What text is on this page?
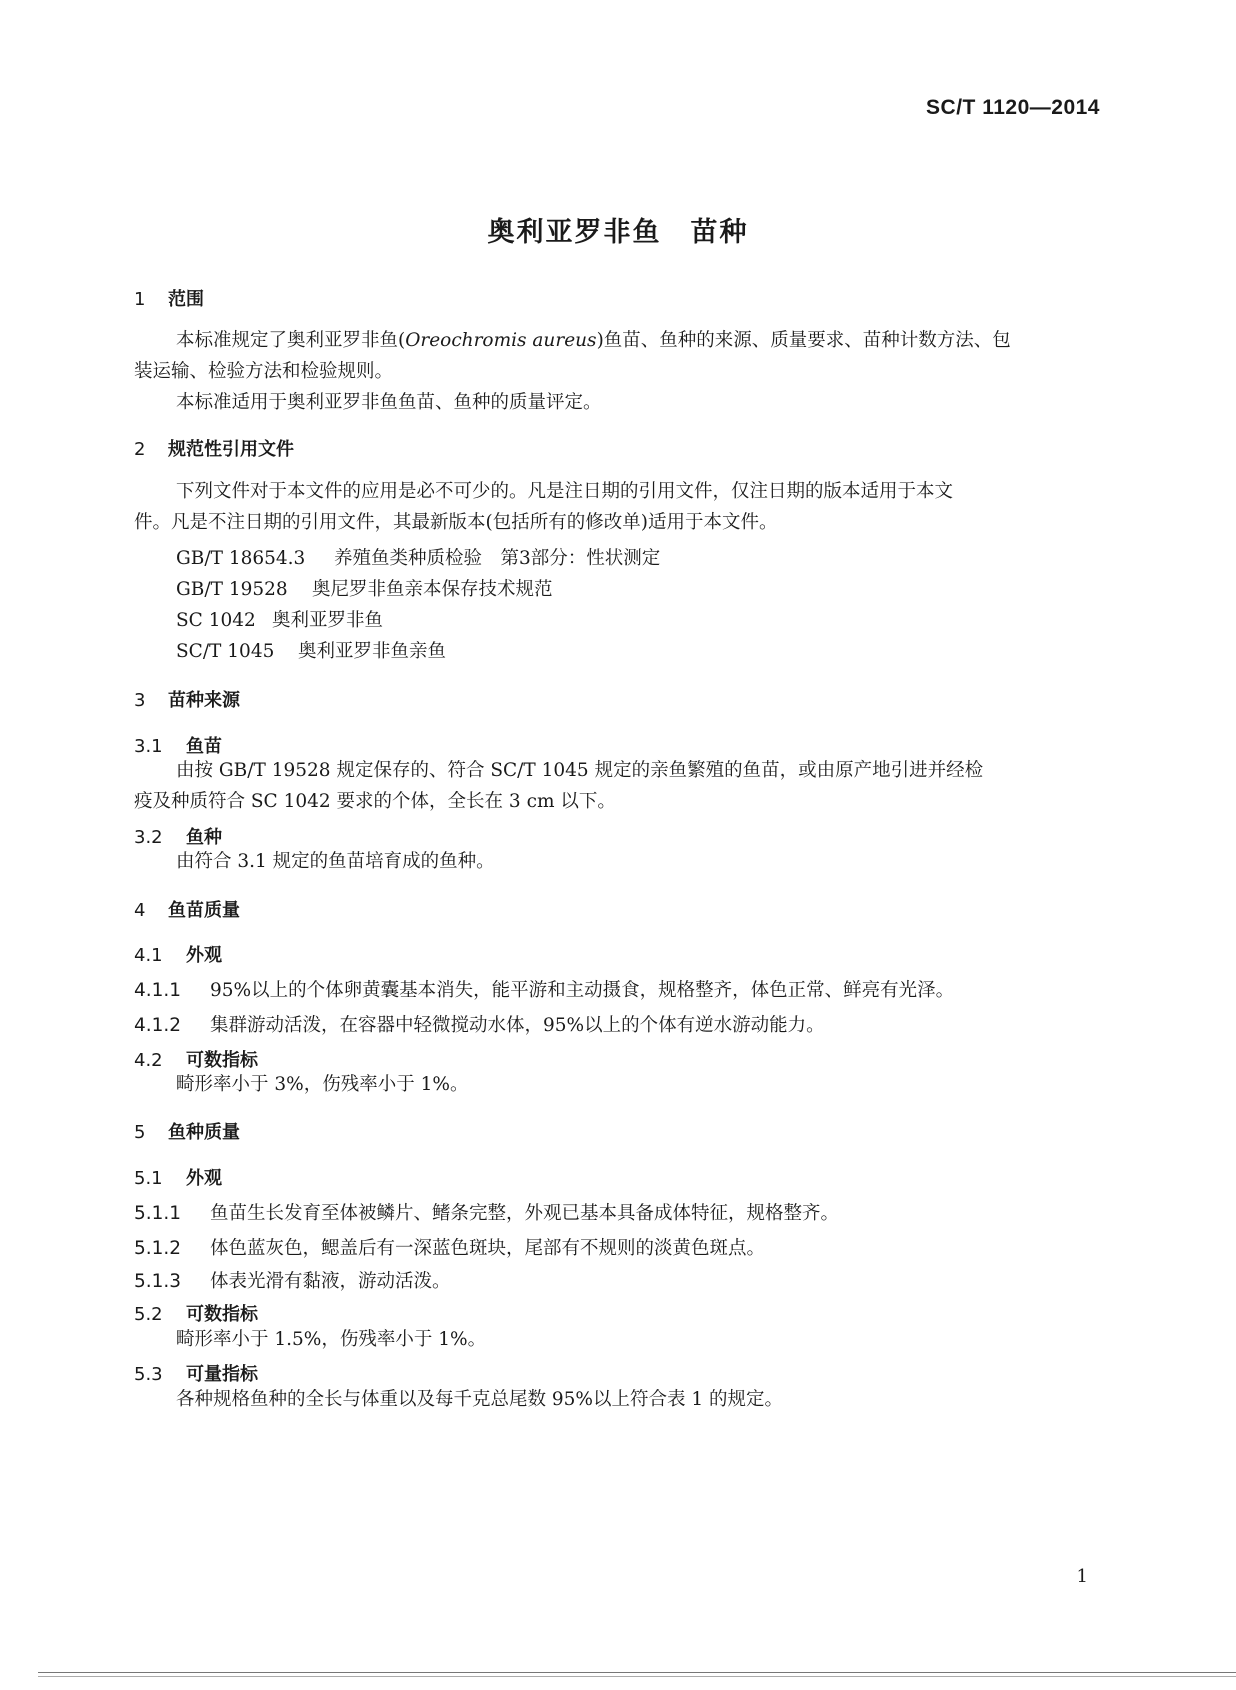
SC/T 1120—2014
奥利亚罗非鱼　苗种
1 范围
本标准规定了奥利亚罗非鱼(Oreochromis aureus)鱼苗、鱼种的来源、质量要求、苗种计数方法、包
装运输、检验方法和检验规则。
本标准适用于奥利亚罗非鱼鱼苗、鱼种的质量评定。
2 规范性引用文件
下列文件对于本文件的应用是必不可少的。凡是注日期的引用文件，仅注日期的版本适用于本文
件。凡是不注日期的引用文件，其最新版本(包括所有的修改单)适用于本文件。
GB/T 18654.3 养殖鱼类种质检验　第3部分：性状测定
GB/T 19528 奥尼罗非鱼亲本保存技术规范
SC 1042 奥利亚罗非鱼
SC/T 1045 奥利亚罗非鱼亲鱼
3 苗种来源
3.1 鱼苗
由按 GB/T 19528 规定保存的、符合 SC/T 1045 规定的亲鱼繁殖的鱼苗，或由原产地引进并经检
疫及种质符合 SC 1042 要求的个体，全长在 3 cm 以下。
3.2 鱼种
由符合 3.1 规定的鱼苗培育成的鱼种。
4 鱼苗质量
4.1 外观
4.1.1 95%以上的个体卵黄囊基本消失，能平游和主动摄食，规格整齐，体色正常、鲜亮有光泽。
4.1.2 集群游动活泼，在容器中轻微搅动水体，95%以上的个体有逆水游动能力。
4.2 可数指标
畸形率小于 3%，伤残率小于 1%。
5 鱼种质量
5.1 外观
5.1.1 鱼苗生长发育至体被鳞片、鳍条完整，外观已基本具备成体特征，规格整齐。
5.1.2 体色蓝灰色，鳃盖后有一深蓝色斑块，尾部有不规则的淡黄色斑点。
5.1.3 体表光滑有黏液，游动活泼。
5.2 可数指标
畸形率小于 1.5%，伤残率小于 1%。
5.3 可量指标
各种规格鱼种的全长与体重以及每千克总尾数 95%以上符合表 1 的规定。
1
